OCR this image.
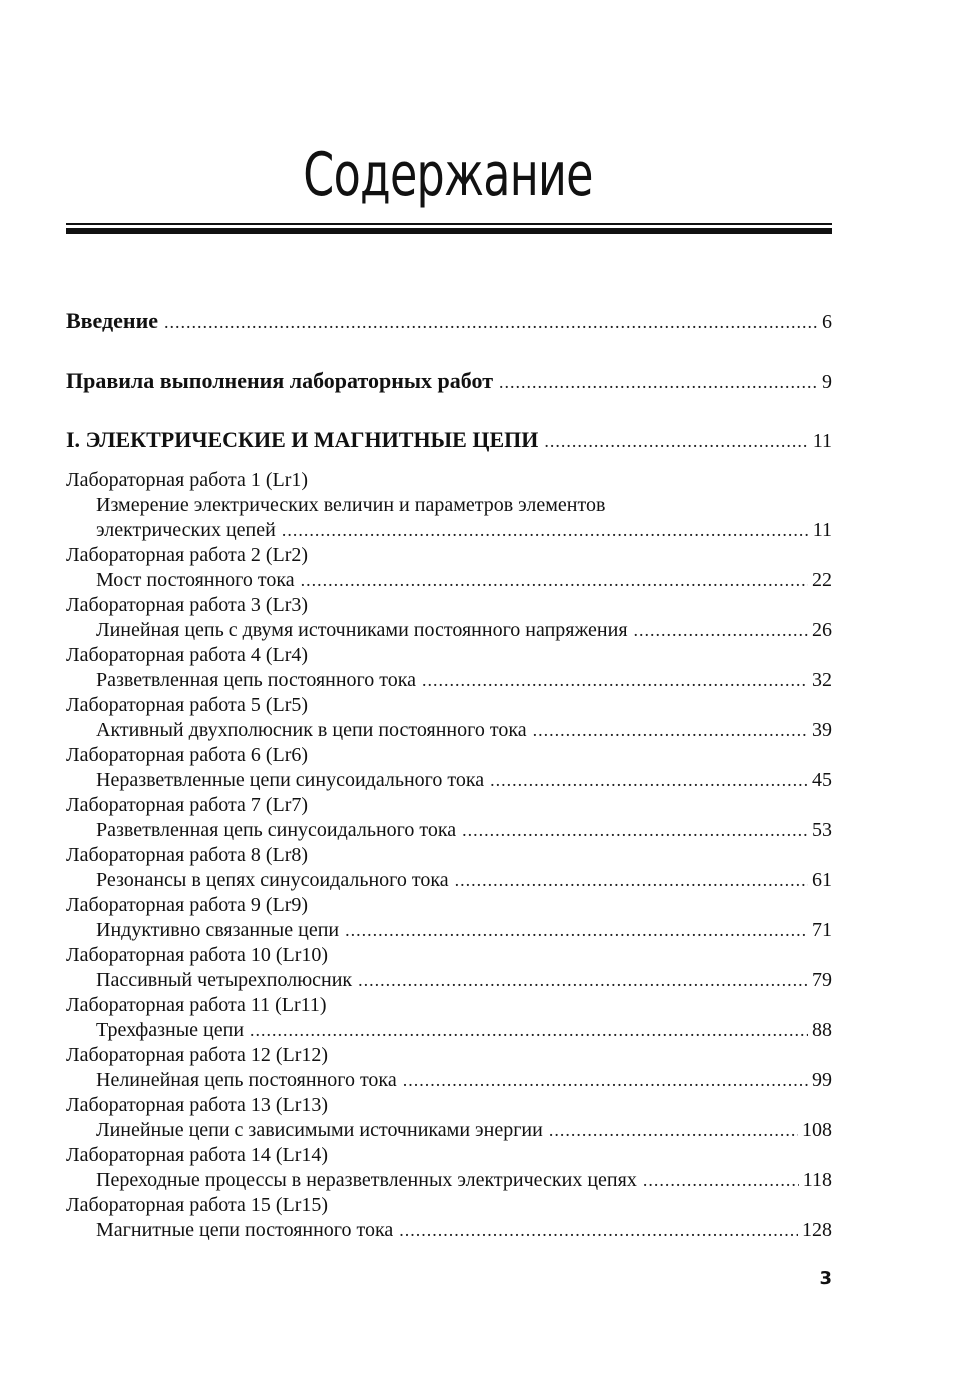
Содержание
Введение .....	6
Правила выполнения лабораторных работ .....	9
I. ЭЛЕКТРИЧЕСКИЕ И МАГНИТНЫЕ ЦЕПИ .....	11
Лабораторная работа 1 (Lr1)
Измерение электрических величин и параметров элементов
электрических цепей .....	11
Лабораторная работа 2 (Lr2)
Мост постоянного тока .....	22
Лабораторная работа 3 (Lr3)
Линейная цепь с двумя источниками постоянного напряжения .....	26
Лабораторная работа 4 (Lr4)
Разветвленная цепь постоянного тока .....	32
Лабораторная работа 5 (Lr5)
Активный двухполюсник в цепи постоянного тока .....	39
Лабораторная работа 6 (Lr6)
Неразветвленные цепи синусоидального тока .....	45
Лабораторная работа 7 (Lr7)
Разветвленная цепь синусоидального тока .....	53
Лабораторная работа 8 (Lr8)
Резонансы в цепях синусоидального тока .....	61
Лабораторная работа 9 (Lr9)
Индуктивно связанные цепи .....	71
Лабораторная работа 10 (Lr10)
Пассивный четырехполюсник .....	79
Лабораторная работа 11 (Lr11)
Трехфазные цепи .....	88
Лабораторная работа 12 (Lr12)
Нелинейная цепь постоянного тока .....	99
Лабораторная работа 13 (Lr13)
Линейные цепи с зависимыми источниками энергии .....	108
Лабораторная работа 14 (Lr14)
Переходные процессы в неразветвленных электрических цепях .....	118
Лабораторная работа 15 (Lr15)
Магнитные цепи постоянного тока .....	128
3
